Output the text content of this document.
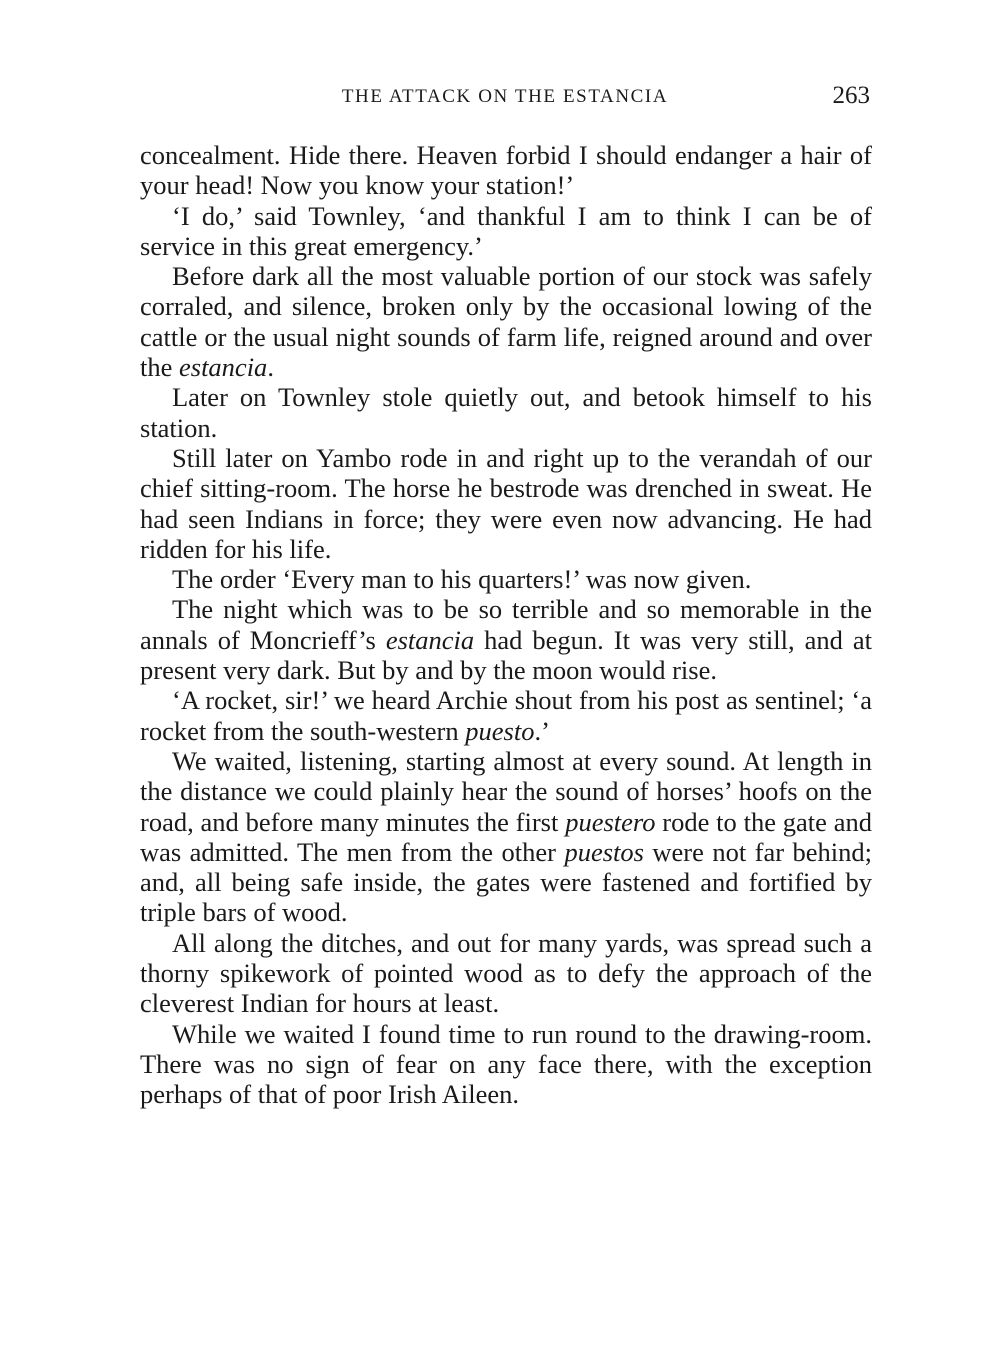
THE ATTACK ON THE ESTANCIA	263

concealment. Hide there. Heaven forbid I should endanger a hair of your head! Now you know your station!’

‘I do,’ said Townley, ‘and thankful I am to think I can be of service in this great emergency.’

Before dark all the most valuable portion of our stock was safely corraled, and silence, broken only by the occasional lowing of the cattle or the usual night sounds of farm life, reigned around and over the estancia.

Later on Townley stole quietly out, and betook himself to his station.

Still later on Yambo rode in and right up to the verandah of our chief sitting-room. The horse he bestrode was drenched in sweat. He had seen Indians in force; they were even now advancing. He had ridden for his life.

The order ‘Every man to his quarters!’ was now given.

The night which was to be so terrible and so memorable in the annals of Moncrieff’s estancia had begun. It was very still, and at present very dark. But by and by the moon would rise.

‘A rocket, sir!’ we heard Archie shout from his post as sentinel; ‘a rocket from the south-western puesto.’

We waited, listening, starting almost at every sound. At length in the distance we could plainly hear the sound of horses’ hoofs on the road, and before many minutes the first puestero rode to the gate and was admitted. The men from the other puestos were not far behind; and, all being safe inside, the gates were fastened and fortified by triple bars of wood.

All along the ditches, and out for many yards, was spread such a thorny spikework of pointed wood as to defy the approach of the cleverest Indian for hours at least.

While we waited I found time to run round to the drawing-room. There was no sign of fear on any face there, with the exception perhaps of that of poor Irish Aileen.
